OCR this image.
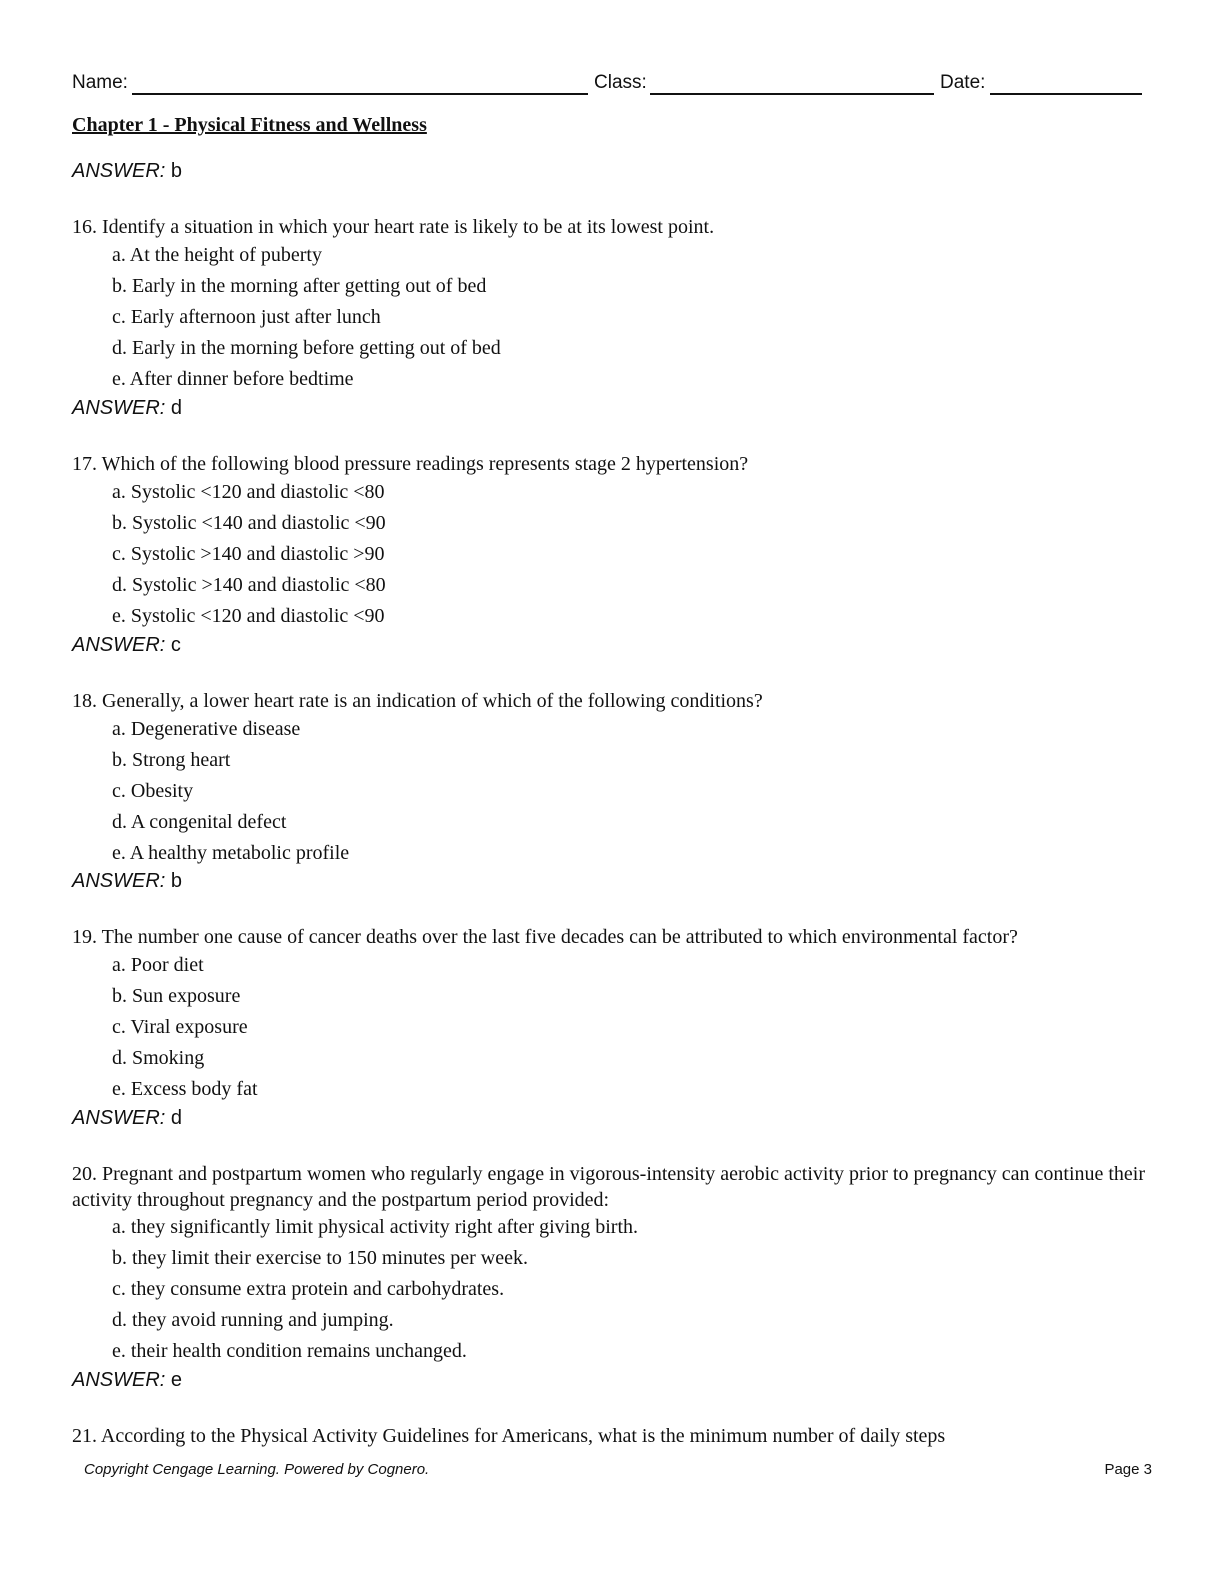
Name:	Class:	Date:
Chapter 1 - Physical Fitness and Wellness
ANSWER: b
16. Identify a situation in which your heart rate is likely to be at its lowest point.
a. At the height of puberty
b. Early in the morning after getting out of bed
c. Early afternoon just after lunch
d. Early in the morning before getting out of bed
e. After dinner before bedtime
ANSWER: d
17. Which of the following blood pressure readings represents stage 2 hypertension?
a. Systolic <120 and diastolic <80
b. Systolic <140 and diastolic <90
c. Systolic >140 and diastolic >90
d. Systolic >140 and diastolic <80
e. Systolic <120 and diastolic <90
ANSWER: c
18. Generally, a lower heart rate is an indication of which of the following conditions?
a. Degenerative disease
b. Strong heart
c. Obesity
d. A congenital defect
e. A healthy metabolic profile
ANSWER: b
19. The number one cause of cancer deaths over the last five decades can be attributed to which environmental factor?
a. Poor diet
b. Sun exposure
c. Viral exposure
d. Smoking
e. Excess body fat
ANSWER: d
20. Pregnant and postpartum women who regularly engage in vigorous-intensity aerobic activity prior to pregnancy can continue their activity throughout pregnancy and the postpartum period provided:
a. they significantly limit physical activity right after giving birth.
b. they limit their exercise to 150 minutes per week.
c. they consume extra protein and carbohydrates.
d. they avoid running and jumping.
e. their health condition remains unchanged.
ANSWER: e
21. According to the Physical Activity Guidelines for Americans, what is the minimum number of daily steps
Copyright Cengage Learning. Powered by Cognero.	Page 3
